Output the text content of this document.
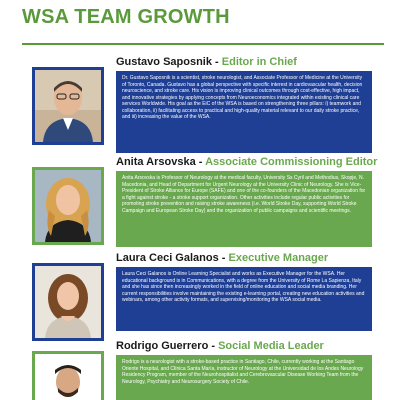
WSA TEAM GROWTH
Gustavo Saposnik - Editor in Chief
Dr. Gustavo Saposnik is a scientist, stroke neurologist, and Associate Professor of Medicine at the University of Toronto, Canada. Gustavo has a global perspective with specific interest in cardiovascular health, decision neuroscience, and stroke care. His vision is improving clinical outcomes through cost-effective, high impact, and innovative strategies by applying concepts from Neuroeconomics integrated within existing clinical care services Worldwide. His goal as the EiC of the WSA is based on strengthening three pillars: i) teamwork and collaboration, ii) facilitating access to practical and high-quality material relevant to our daily stroke practice, and iii) increasing the value of the WSA.
Anita Arsovska - Associate Commissioning Editor
Anita Arsovska is Professor of Neurology at the medical faculty, University Ss Cyril and Methodius, Skopje, N. Macedonia, and Head of Department for Urgent Neurology at the University Clinic of Neurology. She is Vice-President of Stroke Alliance for Europe (SAFE) and one of the co-founders of the Macedonian organization for a fight against stroke - a stroke support organization. Other activities include regular public activities for promoting stroke prevention and raising stroke awareness (i.e. World Stroke Day, supporting World Stroke Campaign and European Stroke Day) and the organization of public campaigns and scientific meetings.
Laura Ceci Galanos - Executive Manager
Laura Ceci Galanos is Online Learning Specialist and works as Executive Manager for the WSA. Her educational background is in Communications, with a degree from the University of Rome La Sapienza, Italy and she has since then increasingly worked in the field of online education and social media branding. Her current responsibilities involve maintaining the existing e-learning portal, creating new education activities and webinars, among other activity formats, and supervising/monitoring the WSA social media.
Rodrigo Guerrero - Social Media Leader
Rodrigo is a neurologist with a stroke-based practice in Santiago, Chile, currently working at the Santiago Oriente Hospital, and Clínica Santa María, instructor of Neurology at the Universidad de los Andes Neurology Residency Program, member of the Neurohospitalist and Cerebrovascular Disease Working Team from the Neurology, Psychiatry and Neurosurgery Society of Chile.
